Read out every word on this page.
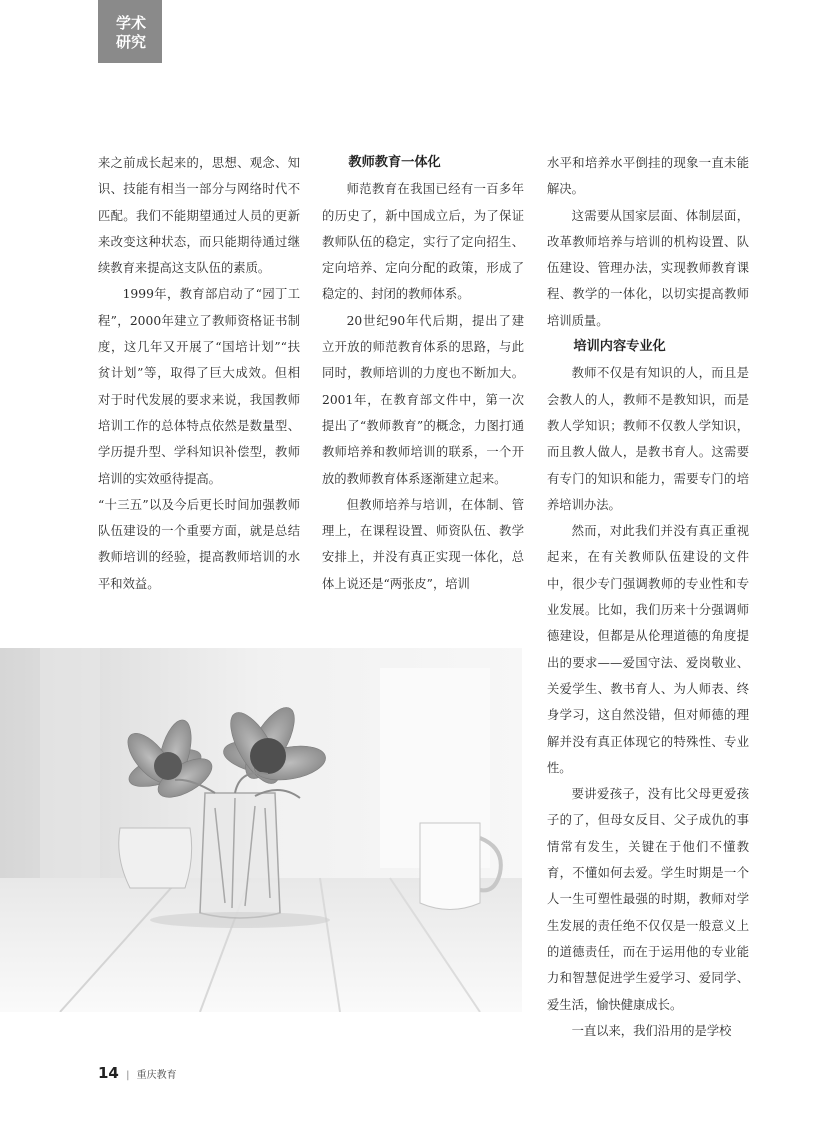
学术
研究

来之前成长起来的，思想、观念、知识、技能有相当一部分与网络时代不匹配。我们不能期望通过人员的更新来改变这种状态，而只能期待通过继续教育来提高这支队伍的素质。

1999年，教育部启动了“园丁工程”，2000年建立了教师资格证书制度，这几年又开展了“国培计划”“扶贫计划”等，取得了巨大成效。但相对于时代发展的要求来说，我国教师培训工作的总体特点依然是数量型、学历提升型、学科知识补偿型，教师培训的实效亟待提高。

“十三五”以及今后更长时间加强教师队伍建设的一个重要方面，就是总结教师培训的经验，提高教师培训的水平和效益。

教师教育一体化

师范教育在我国已经有一百多年的历史了，新中国成立后，为了保证教师队伍的稳定，实行了定向招生、定向培养、定向分配的政策，形成了稳定的、封闭的教师体系。

20世纪90年代后期，提出了建立开放的师范教育体系的思路，与此同时，教师培训的力度也不断加大。2001年，在教育部文件中，第一次提出了“教师教育”的概念，力图打通教师培养和教师培训的联系，一个开放的教师教育体系逐渐建立起来。

但教师培养与培训，在体制、管理上，在课程设置、师资队伍、教学安排上，并没有真正实现一体化，总体上说还是“两张皮”，培训

水平和培养水平倒挂的现象一直未能解决。

这需要从国家层面、体制层面，改革教师培养与培训的机构设置、队伍建设、管理办法，实现教师教育课程、教学的一体化，以切实提高教师培训质量。

培训内容专业化

教师不仅是有知识的人，而且是会教人的人，教师不是教知识，而是教人学知识；教师不仅教人学知识，而且教人做人，是教书育人。这需要有专门的知识和能力，需要专门的培养培训办法。

然而，对此我们并没有真正重视起来，在有关教师队伍建设的文件中，很少专门强调教师的专业性和专业发展。比如，我们历来十分强调师德建设，但都是从伦理道德的角度提出的要求——爱国守法、爱岗敬业、关爱学生、教书育人、为人师表、终身学习，这自然没错，但对师德的理解并没有真正体现它的特殊性、专业性。

要讲爱孩子，没有比父母更爱孩子的了，但母女反目、父子成仇的事情常有发生，关键在于他们不懂教育，不懂如何去爱。学生时期是一个人一生可塑性最强的时期，教师对学生发展的责任绝不仅仅是一般意义上的道德责任，而在于运用他的专业能力和智慧促进学生爱学习、爱同学、爱生活，愉快健康成长。

一直以来，我们沿用的是学校

14 | 重庆教育
